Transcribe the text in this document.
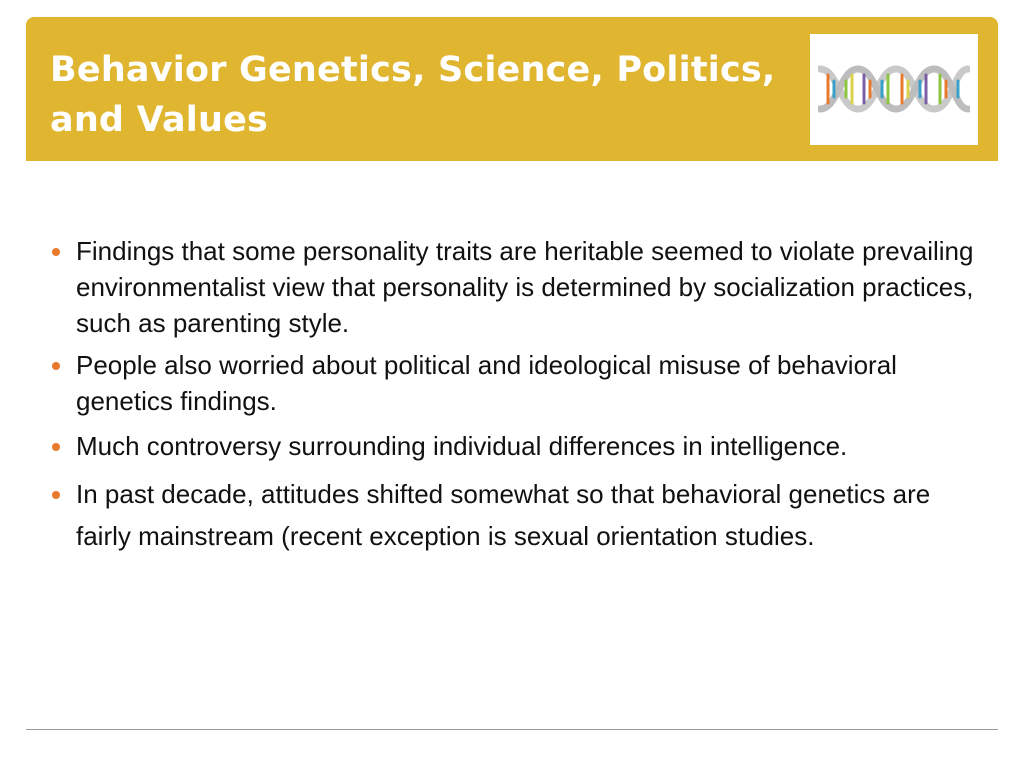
Behavior Genetics, Science, Politics, and Values
Findings that some personality traits are heritable seemed to violate prevailing environmentalist view that personality is determined by socialization practices, such as parenting style.
People also worried about political and ideological misuse of behavioral genetics findings.
Much controversy surrounding individual differences in intelligence.
In past decade, attitudes shifted somewhat so that behavioral genetics are fairly mainstream (recent exception is sexual orientation studies.
